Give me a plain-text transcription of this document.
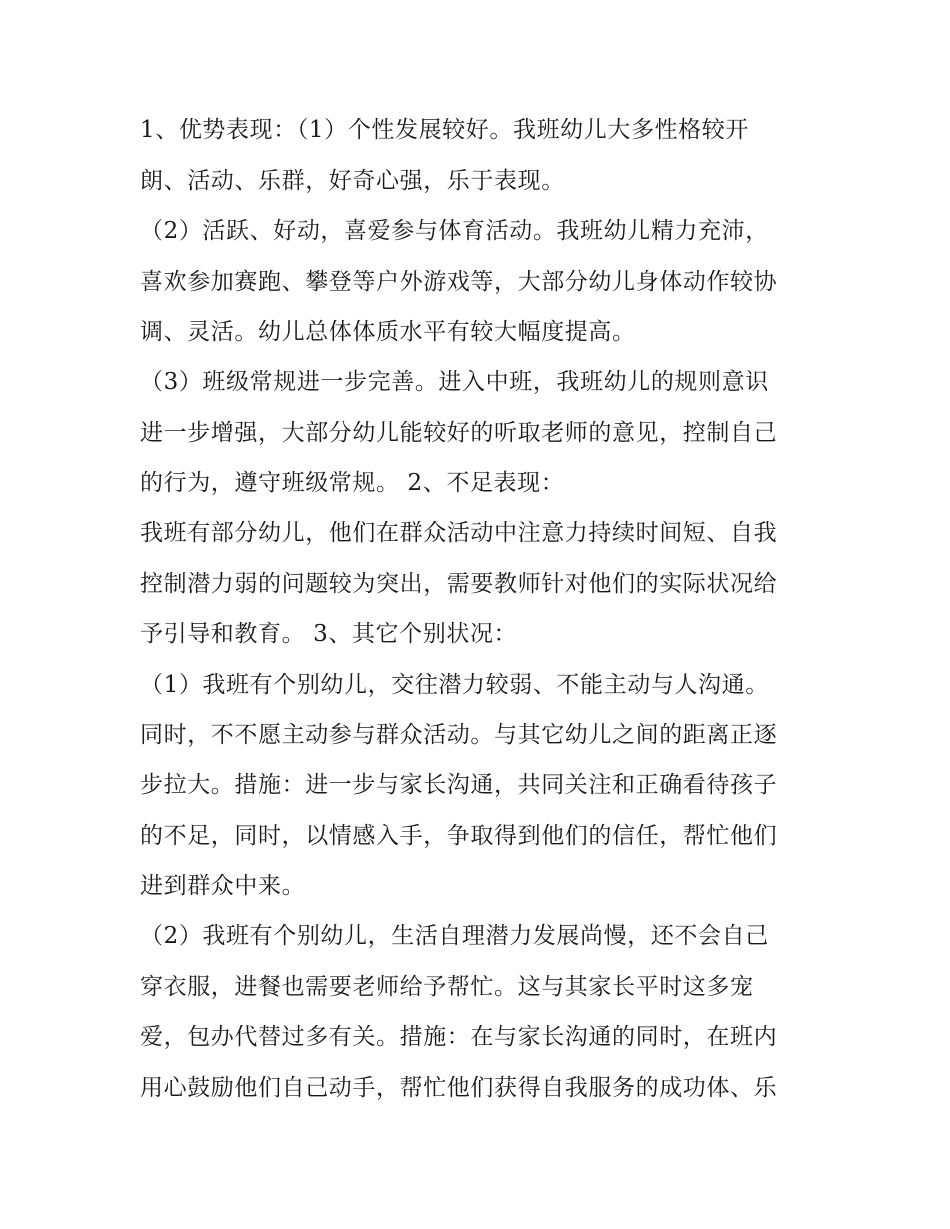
1、优势表现：（1）个性发展较好。我班幼儿大多性格较开
朗、活动、乐群，好奇心强，乐于表现。
（2）活跃、好动，喜爱参与体育活动。我班幼儿精力充沛，
喜欢参加赛跑、攀登等户外游戏等，大部分幼儿身体动作较协
调、灵活。幼儿总体体质水平有较大幅度提高。
（3）班级常规进一步完善。进入中班，我班幼儿的规则意识
进一步增强，大部分幼儿能较好的听取老师的意见，控制自己
的行为，遵守班级常规。 2、不足表现：
我班有部分幼儿，他们在群众活动中注意力持续时间短、自我
控制潜力弱的问题较为突出，需要教师针对他们的实际状况给
予引导和教育。 3、其它个别状况：
（1）我班有个别幼儿，交往潜力较弱、不能主动与人沟通。
同时，不不愿主动参与群众活动。与其它幼儿之间的距离正逐
步拉大。措施：进一步与家长沟通，共同关注和正确看待孩子
的不足，同时，以情感入手，争取得到他们的信任，帮忙他们
进到群众中来。
（2）我班有个别幼儿，生活自理潜力发展尚慢，还不会自己
穿衣服，进餐也需要老师给予帮忙。这与其家长平时这多宠
爱，包办代替过多有关。措施：在与家长沟通的同时，在班内
用心鼓励他们自己动手，帮忙他们获得自我服务的成功体、乐
